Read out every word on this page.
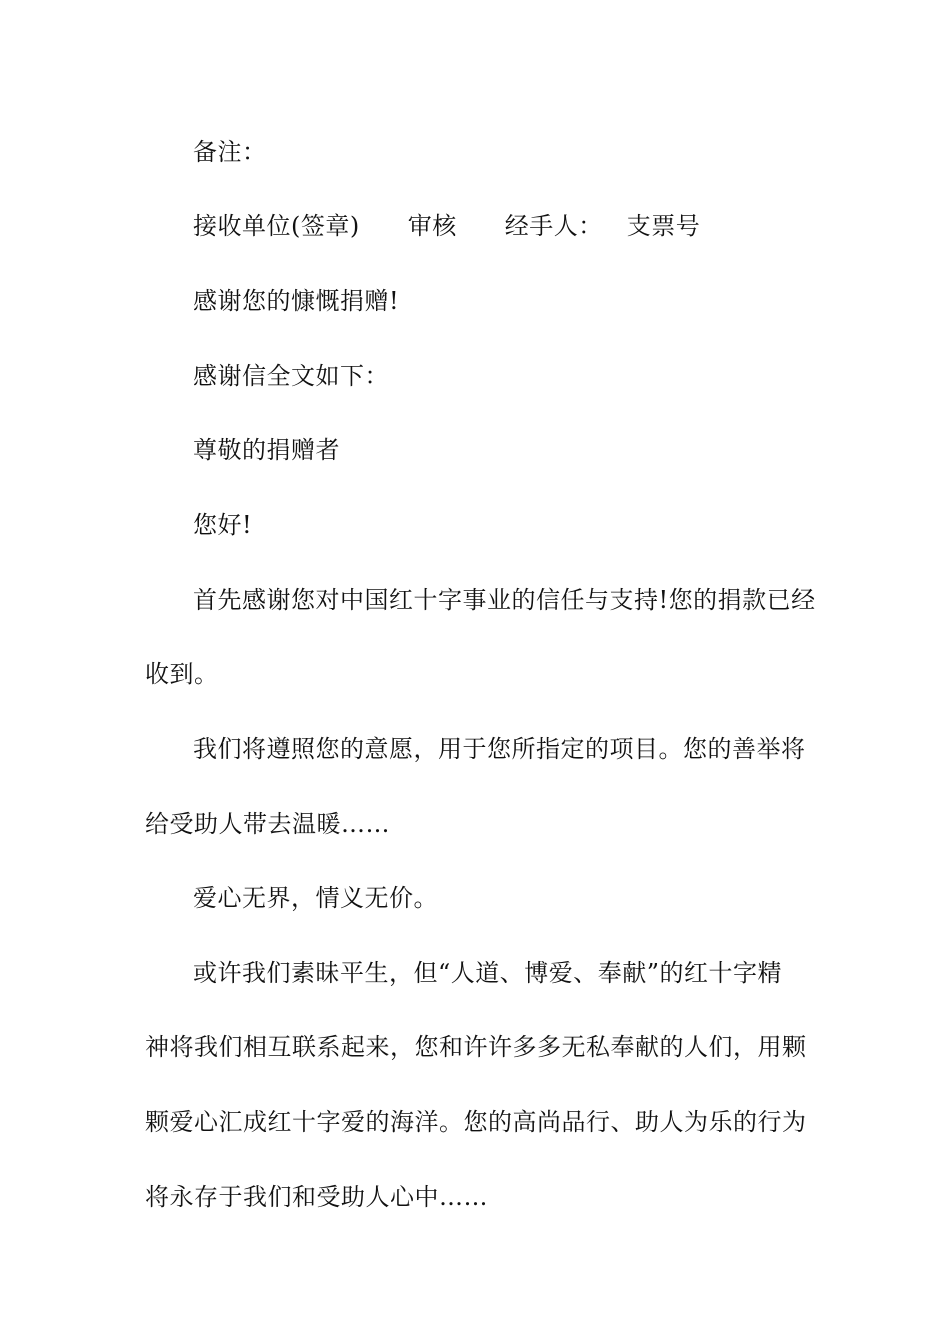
备注：
接收单位(签章) 审核 经手人： 支票号
感谢您的慷慨捐赠!
感谢信全文如下：
尊敬的捐赠者
您好!
首先感谢您对中国红十字事业的信任与支持!您的捐款已经
收到。
我们将遵照您的意愿，用于您所指定的项目。您的善举将
给受助人带去温暖……
爱心无界，情义无价。
或许我们素昧平生，但“人道、博爱、奉献”的红十字精
神将我们相互联系起来，您和许许多多无私奉献的人们，用颗
颗爱心汇成红十字爱的海洋。您的高尚品行、助人为乐的行为
将永存于我们和受助人心中……
